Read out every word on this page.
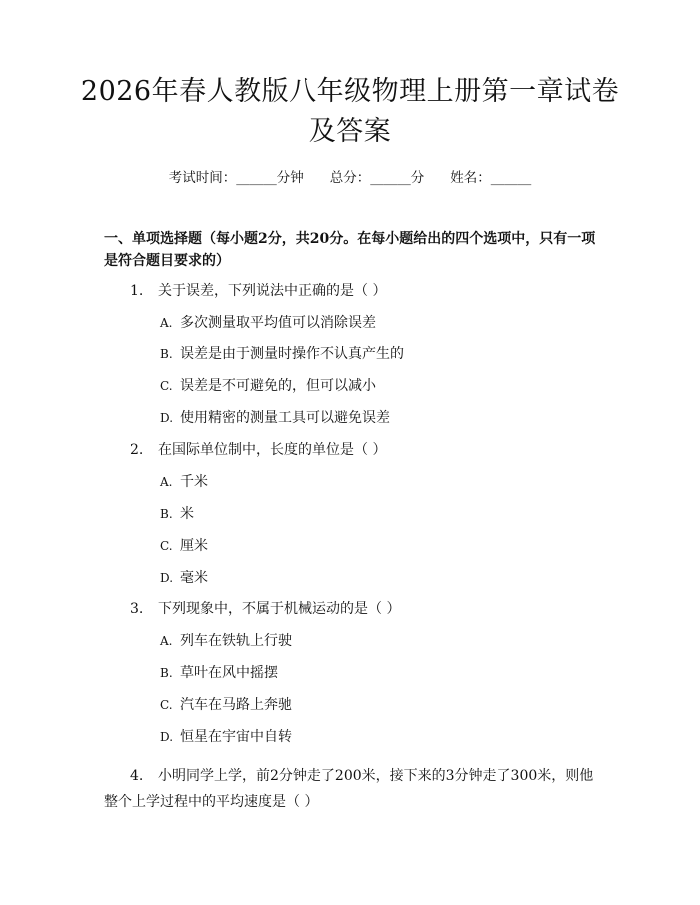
2026年春人教版八年级物理上册第一章试卷及答案
考试时间：______分钟 总分：______分 姓名：______
一、单项选择题（每小题2分，共20分。在每小题给出的四个选项中，只有一项是符合题目要求的）
1. 关于误差，下列说法中正确的是（ ）
A. 多次测量取平均值可以消除误差
B. 误差是由于测量时操作不认真产生的
C. 误差是不可避免的，但可以减小
D. 使用精密的测量工具可以避免误差
2. 在国际单位制中，长度的单位是（ ）
A. 千米
B. 米
C. 厘米
D. 毫米
3. 下列现象中，不属于机械运动的是（ ）
A. 列车在铁轨上行驶
B. 草叶在风中摇摆
C. 汽车在马路上奔驰
D. 恒星在宇宙中自转
4. 小明同学上学，前2分钟走了200米，接下来的3分钟走了300米，则他整个上学过程中的平均速度是（ ）
